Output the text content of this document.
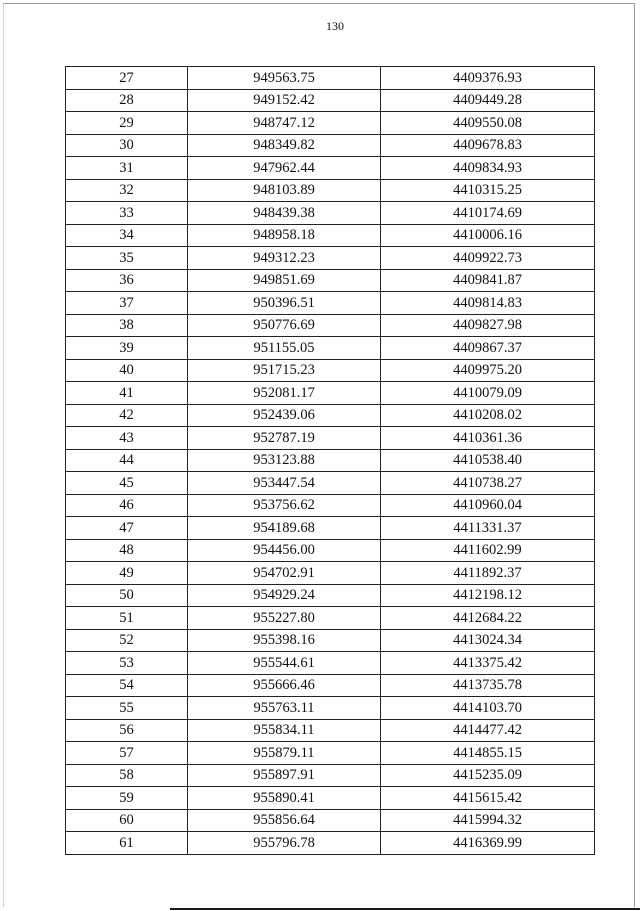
130
27	949563.75	4409376.93
28	949152.42	4409449.28
29	948747.12	4409550.08
30	948349.82	4409678.83
31	947962.44	4409834.93
32	948103.89	4410315.25
33	948439.38	4410174.69
34	948958.18	4410006.16
35	949312.23	4409922.73
36	949851.69	4409841.87
37	950396.51	4409814.83
38	950776.69	4409827.98
39	951155.05	4409867.37
40	951715.23	4409975.20
41	952081.17	4410079.09
42	952439.06	4410208.02
43	952787.19	4410361.36
44	953123.88	4410538.40
45	953447.54	4410738.27
46	953756.62	4410960.04
47	954189.68	4411331.37
48	954456.00	4411602.99
49	954702.91	4411892.37
50	954929.24	4412198.12
51	955227.80	4412684.22
52	955398.16	4413024.34
53	955544.61	4413375.42
54	955666.46	4413735.78
55	955763.11	4414103.70
56	955834.11	4414477.42
57	955879.11	4414855.15
58	955897.91	4415235.09
59	955890.41	4415615.42
60	955856.64	4415994.32
61	955796.78	4416369.99
